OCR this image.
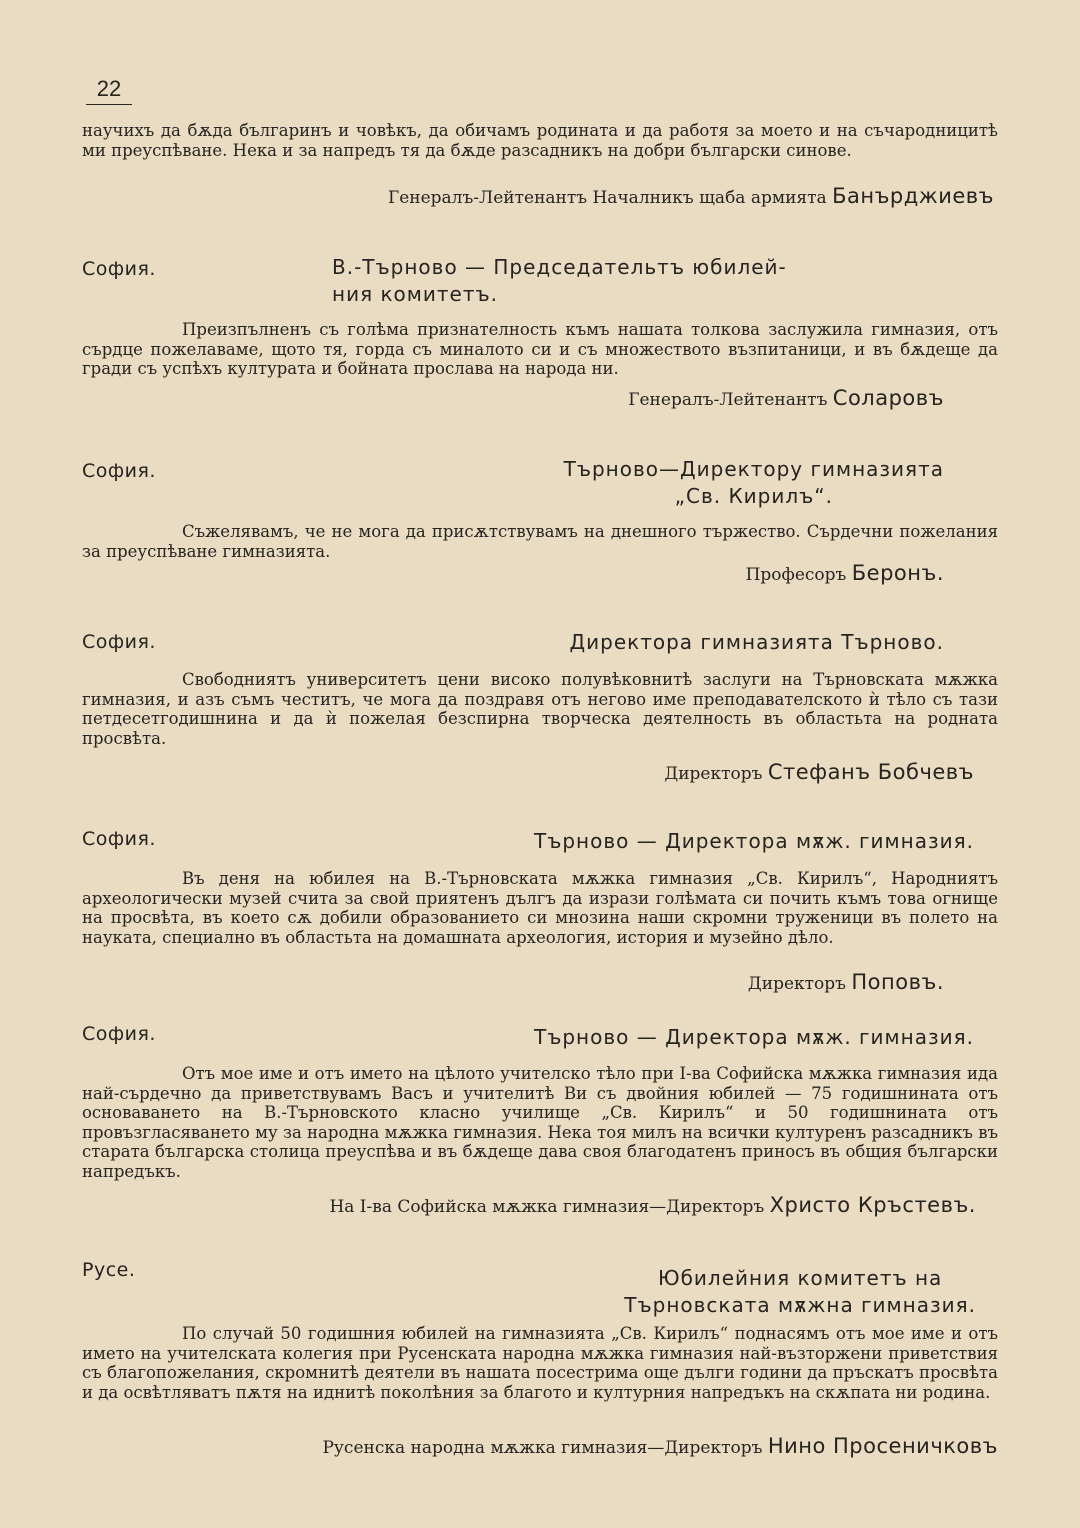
22
научихъ да бѫда българинъ и човѣкъ, да обичамъ родината и да работя за моето и на съчародницитѣ ми преуспѣване. Нека и за напредъ тя да бѫде разсадникъ на добри български синове.
Генералъ-Лейтенантъ Началникъ щаба армията Банърджиевъ
София.	В.-Търново — Председательтъ юбилей-
ния комитетъ.
Преизпълненъ съ голѣма признателность къмъ нашата толкова заслужила гимназия, отъ сърдце пожелаваме, щото тя, горда съ миналото си и съ множеството възпитаници, и въ бѫдеще да гради съ успѣхъ културата и бойната прослава на народа ни.
Генералъ-Лейтенантъ Соларовъ
София.	Търново—Директору гимназията
„Св. Кирилъ“.
Съжелявамъ, че не мога да присѫтствувамъ на днешного тържество. Сърдечни пожелания за преуспѣване гимназията.
Професоръ Беронъ.
София.	Директора гимназията Търново.
Свободниятъ университетъ цени високо полувѣковнитѣ заслуги на Търновската мѫжка гимназия, и азъ съмъ честитъ, че мога да поздравя отъ негово име преподавателското ѝ тѣло съ тази петдесетгодишнина и да ѝ пожелая безспирна творческа деятелность въ областьта на родната просвѣта.
Директоръ Стефанъ Бобчевъ
София.	Търново — Директора мѫж. гимназия.
Въ деня на юбилея на В.-Търновската мѫжка гимназия „Св. Кирилъ“, Народниятъ археологически музей счита за свой приятенъ дългъ да изрази голѣмата си почить къмъ това огнище на просвѣта, въ което сѫ добили образованието си мнозина наши скромни труженици въ полето на науката, специално въ областьта на домашната археология, история и музейно дѣло.
Директоръ Поповъ.
София.	Търново — Директора мѫж. гимназия.
Отъ мое име и отъ името на цѣлото учителско тѣло при I-ва Софийска мѫжка гимназия ида най-сърдечно да приветствувамъ Васъ и учителитѣ Ви съ двойния юбилей — 75 годишнината отъ основаването на В.-Търновското класно училище „Св. Кирилъ“ и 50 годишнината отъ провъзгласяването му за народна мѫжка гимназия. Нека тоя милъ на всички културенъ разсадникъ въ старата българска столица преуспѣва и въ бѫдеще дава своя благодатенъ приносъ въ общия български напредъкъ.
На I-ва Софийска мѫжка гимназия—Директоръ Христо Кръстевъ.
Русе.	Юбилейния комитетъ на
Търновската мѫжна гимназия.
По случай 50 годишния юбилей на гимназията „Св. Кирилъ“ поднасямъ отъ мое име и отъ името на учителската колегия при Русенската народна мѫжка гимназия най-възторжени приветствия съ благопожелания, скромнитѣ деятели въ нашата посестрима още дълги години да пръскатъ просвѣта и да освѣтляватъ пѫтя на иднитѣ поколѣния за благото и културния напредъкъ на скѫпата ни родина.
Русенска народна мѫжка гимназия—Директоръ Нино Просеничковъ
